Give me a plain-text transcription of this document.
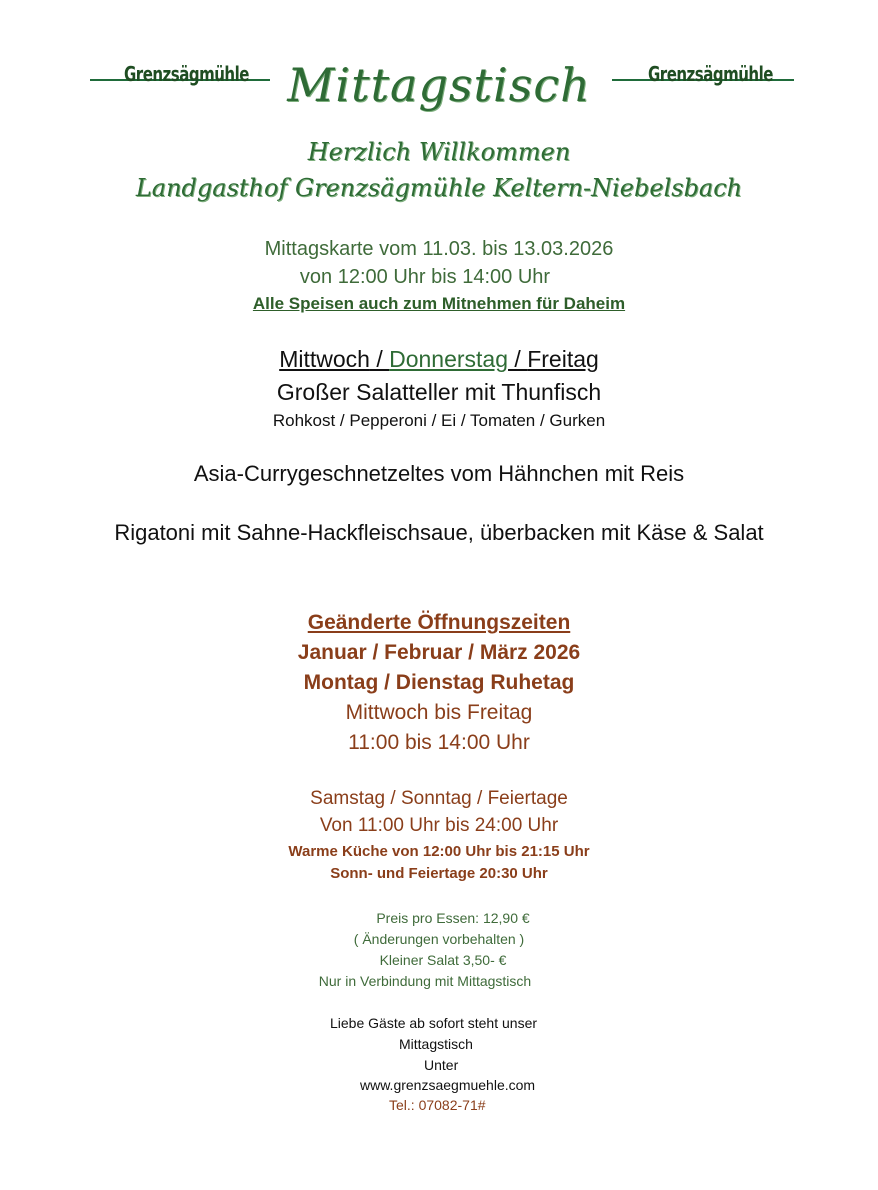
Grenzsägmühle	Grenzsägmühle
Mittagstisch
Herzlich Willkommen
Landgasthof Grenzsägmühle Keltern-Niebelsbach
Mittagskarte vom 11.03. bis 13.03.2026
von 12:00 Uhr bis 14:00 Uhr
Alle Speisen auch zum Mitnehmen für Daheim
Mittwoch / Donnerstag / Freitag
Großer Salatteller mit Thunfisch
Rohkost / Pepperoni / Ei / Tomaten / Gurken
Asia-Currygeschnetzeltes vom Hähnchen mit Reis
Rigatoni mit Sahne-Hackfleischsaue, überbacken mit Käse & Salat
Geänderte Öffnungszeiten
Januar / Februar / März 2026
Montag / Dienstag Ruhetag
Mittwoch bis Freitag
11:00 bis 14:00 Uhr
Samstag / Sonntag / Feiertage
Von 11:00 Uhr bis 24:00 Uhr
Warme Küche von 12:00 Uhr bis 21:15 Uhr
Sonn- und Feiertage 20:30 Uhr
Preis pro Essen: 12,90 €
( Änderungen vorbehalten )
Kleiner Salat 3,50- €
Nur in Verbindung mit Mittagstisch
Liebe Gäste ab sofort steht unser
Mittagstisch
Unter
www.grenzsaegmuehle.com
Tel.: 07082-71#
